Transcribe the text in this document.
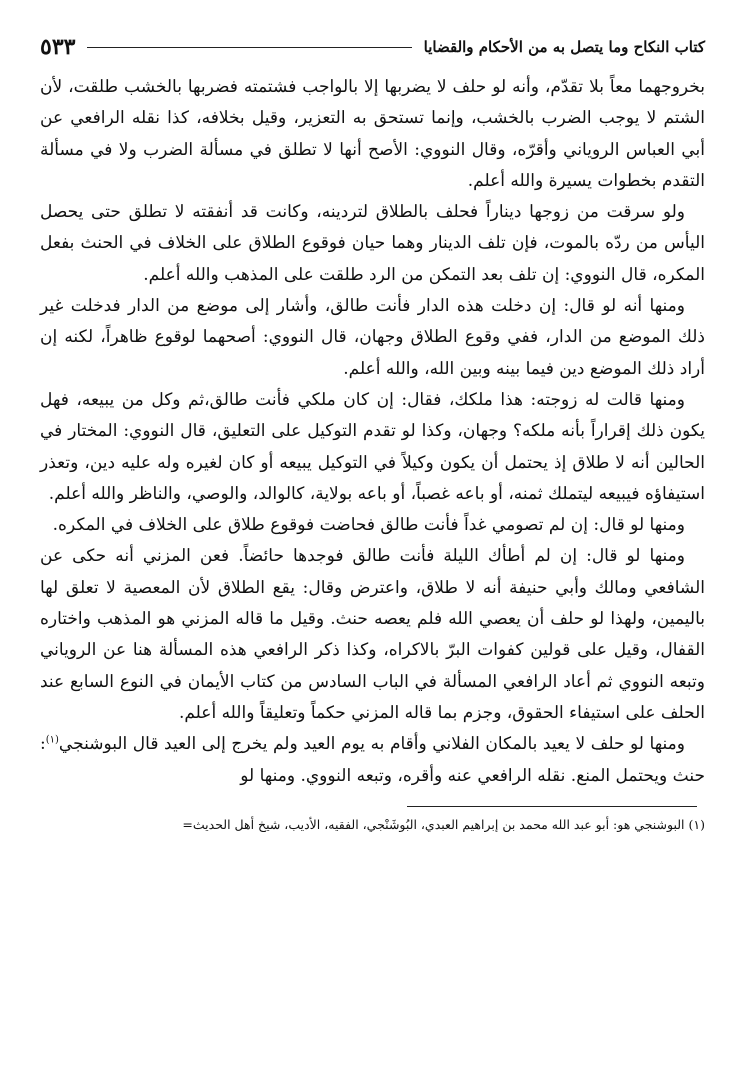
كتاب النكاح وما يتصل به من الأحكام والقضايا
٥٣٣

بخروجهما معاً بلا تقدّم، وأنه لو حلف لا يضربها إلا بالواجب فشتمته فضربها بالخشب طلقت، لأن الشتم لا يوجب الضرب بالخشب، وإنما تستحق به التعزير، وقيل بخلافه، كذا نقله الرافعي عن أبي العباس الروياني وأقرّه، وقال النووي: الأصح أنها لا تطلق في مسألة الضرب ولا في مسألة التقدم بخطوات يسيرة والله أعلم.

ولو سرقت من زوجها ديناراً فحلف بالطلاق لتردينه، وكانت قد أنفقته لا تطلق حتى يحصل اليأس من ردّه بالموت، فإن تلف الدينار وهما حيان فوقوع الطلاق على الخلاف في الحنث بفعل المكره، قال النووي: إن تلف بعد التمكن من الرد طلقت على المذهب والله أعلم.

ومنها أنه لو قال: إن دخلت هذه الدار فأنت طالق، وأشار إلى موضع من الدار فدخلت غير ذلك الموضع من الدار، ففي وقوع الطلاق وجهان، قال النووي: أصحهما لوقوع ظاهراً، لكنه إن أراد ذلك الموضع دين فيما بينه وبين الله، والله أعلم.

ومنها قالت له زوجته: هذا ملكك، فقال: إن كان ملكي فأنت طالق،ثم وكل من يبيعه، فهل يكون ذلك إقراراً بأنه ملكه؟ وجهان، وكذا لو تقدم التوكيل على التعليق، قال النووي: المختار في الحالين أنه لا طلاق إذ يحتمل أن يكون وكيلاً في التوكيل يبيعه أو كان لغيره وله عليه دين، وتعذر استيفاؤه فيبيعه ليتملك ثمنه، أو باعه غصباً، أو باعه بولاية، كالوالد، والوصي، والناظر والله أعلم.

ومنها لو قال: إن لم تصومي غداً فأنت طالق فحاضت فوقوع طلاق على الخلاف في المكره.

ومنها لو قال: إن لم أطأك الليلة فأنت طالق فوجدها حائضاً. فعن المزني أنه حكى عن الشافعي ومالك وأبي حنيفة أنه لا طلاق، واعترض وقال: يقع الطلاق لأن المعصية لا تعلق لها باليمين، ولهذا لو حلف أن يعصي الله فلم يعصه حنث. وقيل ما قاله المزني هو المذهب واختاره القفال، وقيل على قولين كفوات البرّ بالاكراه، وكذا ذكر الرافعي هذه المسألة هنا عن الروياني وتبعه النووي ثم أعاد الرافعي المسألة في الباب السادس من كتاب الأيمان في النوع السابع عند الحلف على استيفاء الحقوق، وجزم بما قاله المزني حكماً وتعليقاً والله أعلم.

ومنها لو حلف لا يعيد بالمكان الفلاني وأقام به يوم العيد ولم يخرج إلى العيد قال البوشنجي$^{(١)}$: حنث ويحتمل المنع. نقله الرافعي عنه وأقره، وتبعه النووي. ومنها لو

(١) البوشنجي هو: أبو عبد الله محمد بن إبراهيم العبدي، البُوشَنْجي، الفقيه، الأديب، شيخ أهل الحديث=
